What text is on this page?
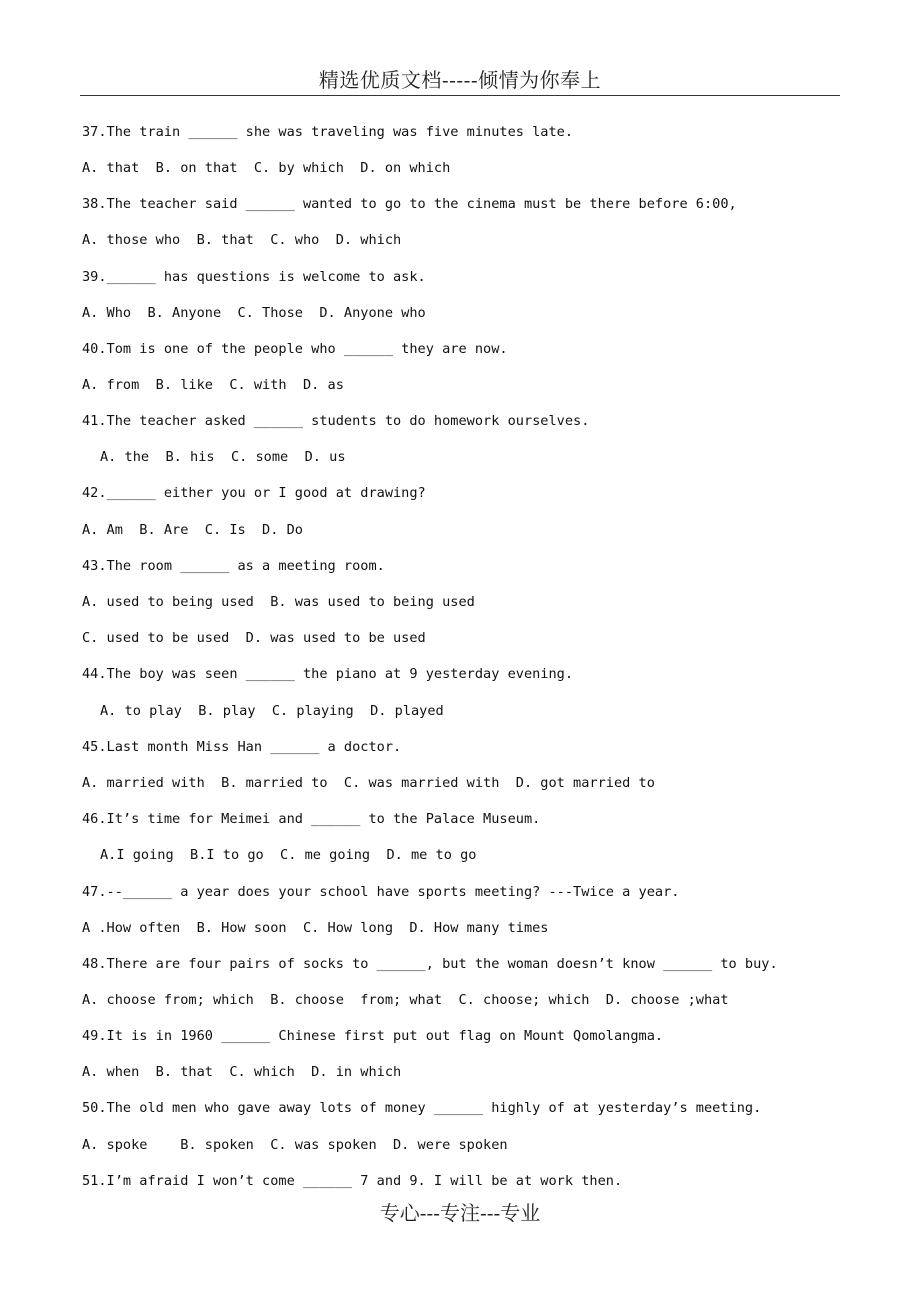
精选优质文档-----倾情为你奉上
37.The train ______ she was traveling was five minutes late.
A. that  B. on that  C. by which  D. on which
38.The teacher said ______ wanted to go to the cinema must be there before 6:00,
A. those who  B. that  C. who  D. which
39.______ has questions is welcome to ask.
A. Who  B. Anyone  C. Those  D. Anyone who
40.Tom is one of the people who ______ they are now.
A. from  B. like  C. with  D. as
41.The teacher asked ______ students to do homework ourselves.
A. the  B. his  C. some  D. us
42.______ either you or I good at drawing?
A. Am  B. Are  C. Is  D. Do
43.The room ______ as a meeting room.
A. used to being used  B. was used to being used
C. used to be used  D. was used to be used
44.The boy was seen ______ the piano at 9 yesterday evening.
A. to play  B. play  C. playing  D. played
45.Last month Miss Han ______ a doctor.
A. married with  B. married to  C. was married with  D. got married to
46.It’s time for Meimei and ______ to the Palace Museum.
A.I going  B.I to go  C. me going  D. me to go
47.--______ a year does your school have sports meeting? ---Twice a year.
A .How often  B. How soon  C. How long  D. How many times
48.There are four pairs of socks to ______, but the woman doesn’t know ______ to buy.
A. choose from; which  B. choose  from; what  C. choose; which  D. choose ;what
49.It is in 1960 ______ Chinese first put out flag on Mount Qomolangma.
A. when  B. that  C. which  D. in which
50.The old men who gave away lots of money ______ highly of at yesterday’s meeting.
A. spoke    B. spoken  C. was spoken  D. were spoken
51.I’m afraid I won’t come ______ 7 and 9. I will be at work then.
专心---专注---专业
